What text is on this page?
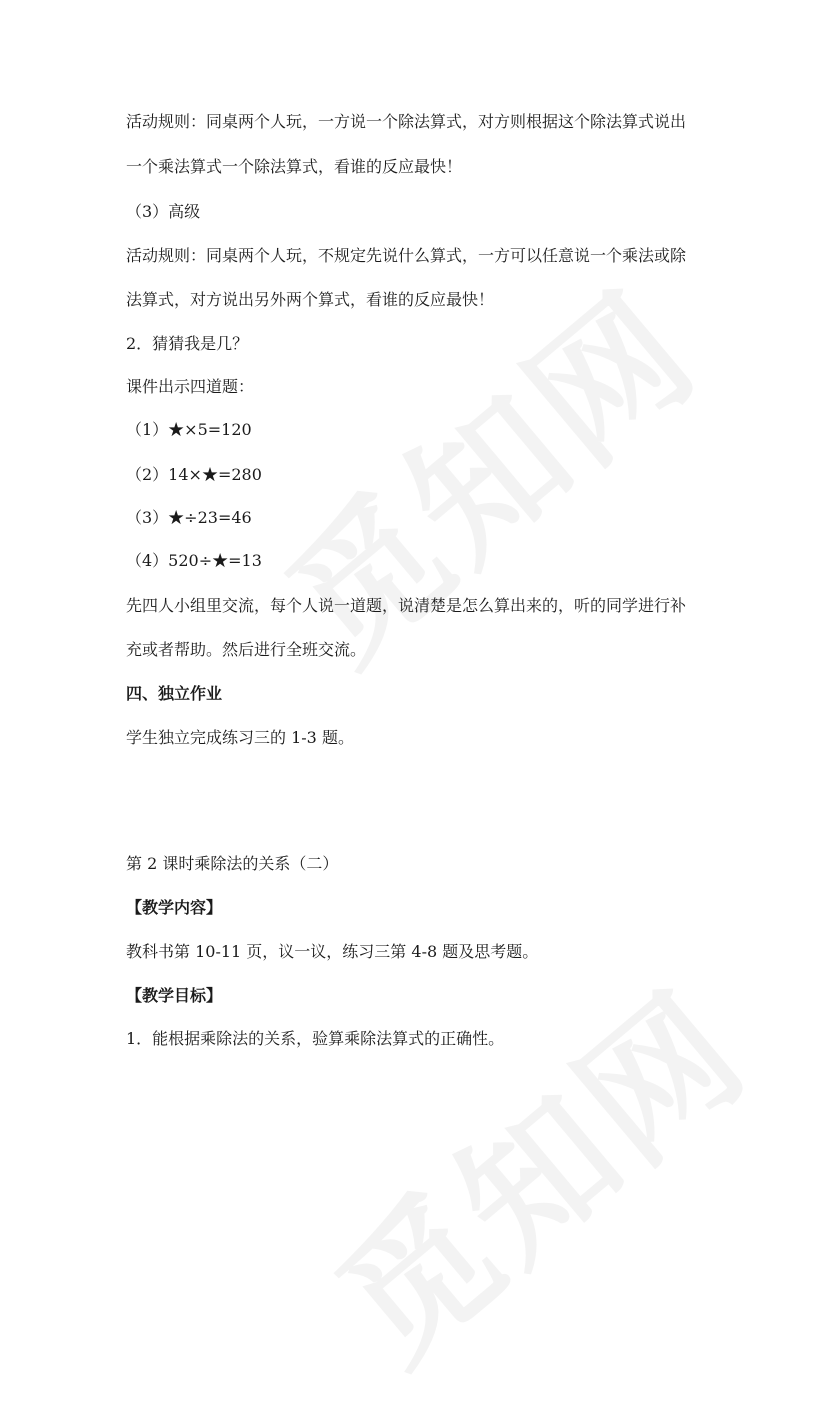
活动规则：同桌两个人玩，一方说一个除法算式，对方则根据这个除法算式说出

一个乘法算式一个除法算式，看谁的反应最快！

（3）高级

活动规则：同桌两个人玩，不规定先说什么算式，一方可以任意说一个乘法或除

法算式，对方说出另外两个算式，看谁的反应最快！

2．猜猜我是几？

课件出示四道题：

（1）★×5=120

（2）14×★=280

（3）★÷23=46

（4）520÷★=13

先四人小组里交流，每个人说一道题，说清楚是怎么算出来的，听的同学进行补

充或者帮助。然后进行全班交流。

四、独立作业

学生独立完成练习三的 1-3 题。

第 2 课时乘除法的关系（二）

【教学内容】

教科书第 10-11 页，议一议，练习三第 4-8 题及思考题。

【教学目标】

1．能根据乘除法的关系，验算乘除法算式的正确性。
